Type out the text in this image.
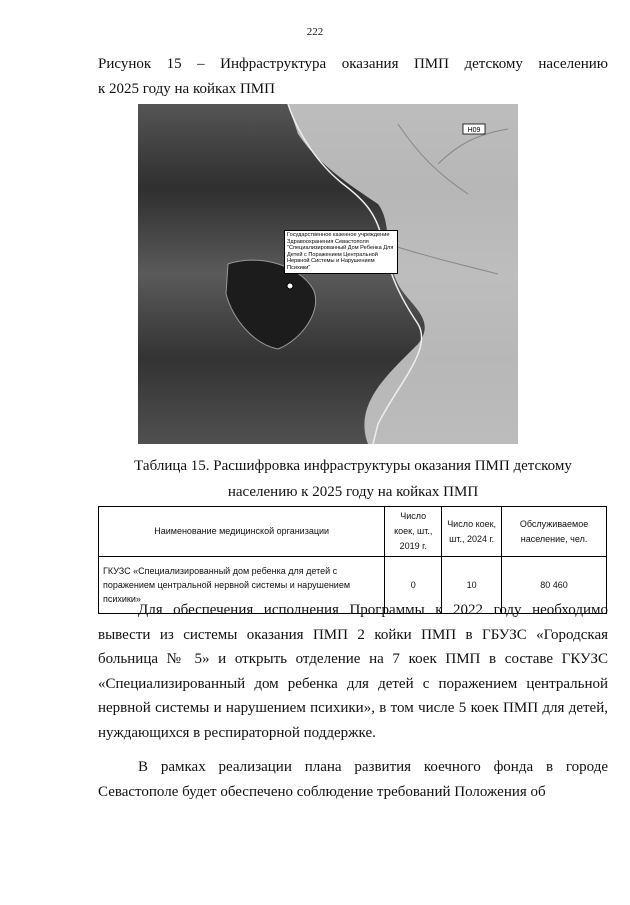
222
Рисунок 15 – Инфраструктура оказания ПМП детскому населению
к 2025 году на койках ПМП
Н09
Государственное казенное учреждение Здравоохранения Севастополя "Специализированный Дом Ребенка Для Детей с Поражением Центральной Нервной Системы и Нарушением Психики"
Таблица 15. Расшифровка инфраструктуры оказания ПМП детскому
населению к 2025 году на койках ПМП
Наименование медицинской организации	Число коек, шт., 2019 г.	Число коек, шт., 2024 г.	Обслуживаемое население, чел.
ГКУЗС «Специализированный дом ребенка для детей с поражением центральной нервной системы и нарушением психики»	0	10	80 460

Для обеспечения исполнения Программы к 2022 году необходимо вывести из системы оказания ПМП 2 койки ПМП в ГБУЗС «Городская больница № 5» и открыть отделение на 7 коек ПМП в составе ГКУЗС «Специализированный дом ребенка для детей с поражением центральной нервной системы и нарушением психики», в том числе 5 коек ПМП для детей, нуждающихся в респираторной поддержке.

В рамках реализации плана развития коечного фонда в городе Севастополе будет обеспечено соблюдение требований Положения об
